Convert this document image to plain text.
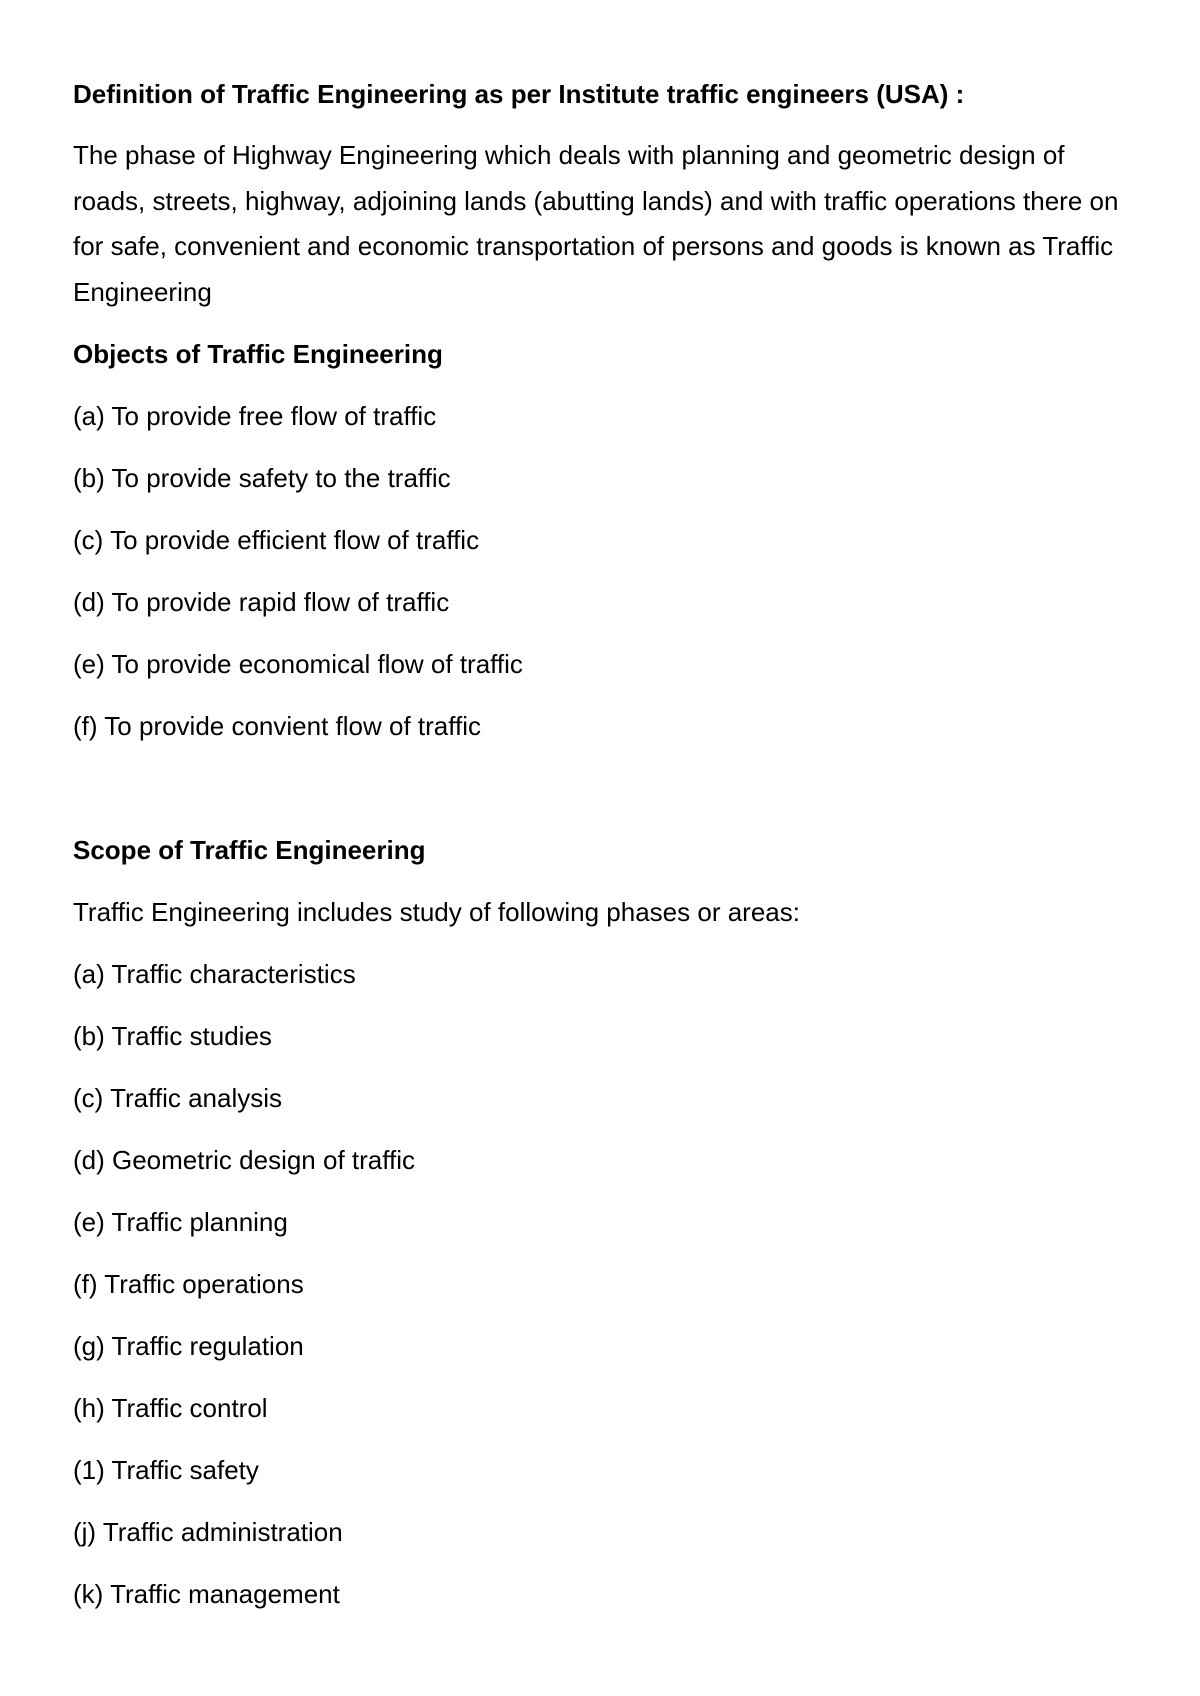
Definition of Traffic Engineering as per Institute traffic engineers (USA) :
The phase of Highway Engineering which deals with planning and geometric design of roads, streets, highway, adjoining lands (abutting lands) and with traffic operations there on for safe, convenient and economic transportation of persons and goods is known as Traffic Engineering
Objects of Traffic Engineering
(a) To provide free flow of traffic
(b) To provide safety to the traffic
(c) To provide efficient flow of traffic
(d) To provide rapid flow of traffic
(e) To provide economical flow of traffic
(f) To provide convient flow of traffic
Scope of Traffic Engineering
Traffic Engineering includes study of following phases or areas:
(a) Traffic characteristics
(b) Traffic studies
(c) Traffic analysis
(d) Geometric design of traffic
(e) Traffic planning
(f) Traffic operations
(g) Traffic regulation
(h) Traffic control
(1) Traffic safety
(j) Traffic administration
(k) Traffic management
